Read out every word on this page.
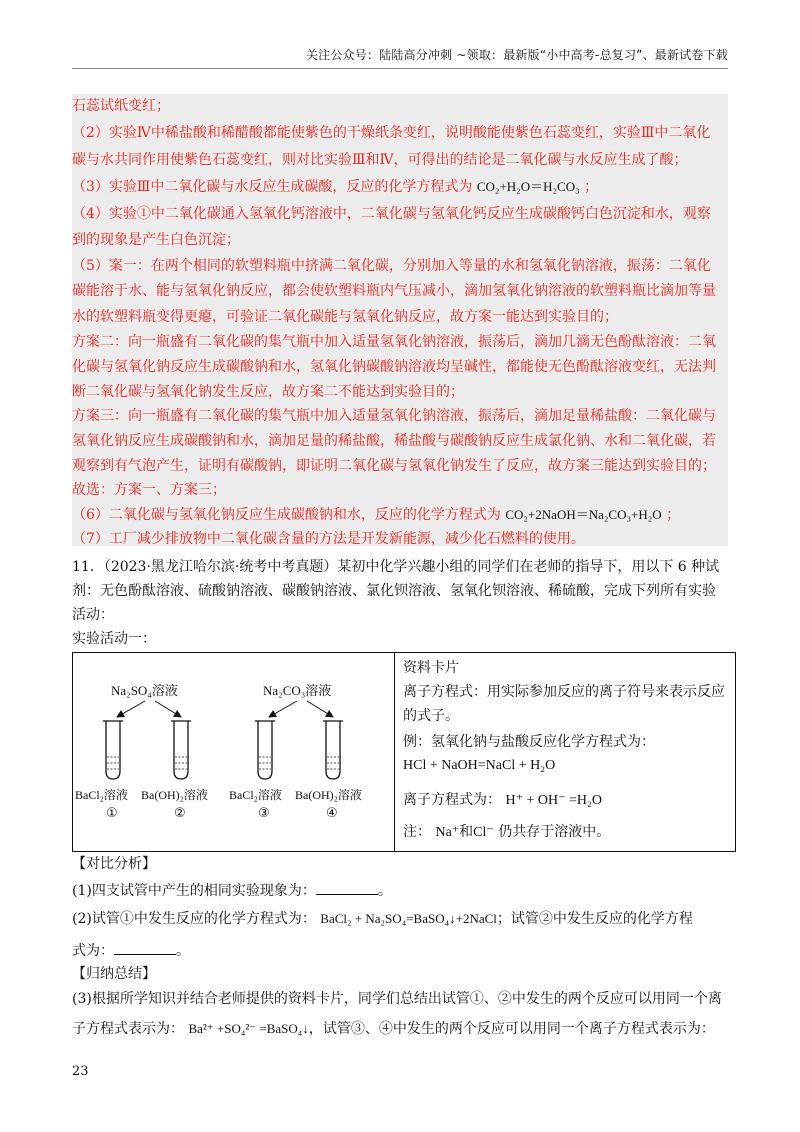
关注公众号：陆陆高分冲刺 ~领取：最新版“小中高考-总复习”、最新试卷下载
石蕊试纸变红；
（2）实验Ⅳ中稀盐酸和稀醋酸都能使紫色的干燥纸条变红，说明酸能使紫色石蕊变红，实验Ⅲ中二氧化
碳与水共同作用使紫色石蕊变红，则对比实验Ⅲ和Ⅳ，可得出的结论是二氧化碳与水反应生成了酸；
（3）实验Ⅲ中二氧化碳与水反应生成碳酸，反应的化学方程式为 CO₂+H₂O＝H₂CO₃ ；
（4）实验①中二氧化碳通入氢氧化钙溶液中，二氧化碳与氢氧化钙反应生成碳酸钙白色沉淀和水，观察
到的现象是产生白色沉淀；
（5）案一：在两个相同的软塑料瓶中挤满二氧化碳，分别加入等量的水和氢氧化钠溶液，振荡：二氧化
碳能溶于水、能与氢氧化钠反应，都会使软塑料瓶内气压减小，滴加氢氧化钠溶液的软塑料瓶比滴加等量
水的软塑料瓶变得更瘪，可验证二氧化碳能与氢氧化钠反应，故方案一能达到实验目的；
方案二：向一瓶盛有二氧化碳的集气瓶中加入适量氢氧化钠溶液，振荡后，滴加几滴无色酚酞溶液：二氧
化碳与氢氧化钠反应生成碳酸钠和水，氢氧化钠碳酸钠溶液均呈碱性，都能使无色酚酞溶液变红，无法判
断二氧化碳与氢氧化钠发生反应，故方案二不能达到实验目的；
方案三：向一瓶盛有二氧化碳的集气瓶中加入适量氢氧化钠溶液，振荡后，滴加足量稀盐酸：二氧化碳与
氢氧化钠反应生成碳酸钠和水，滴加足量的稀盐酸，稀盐酸与碳酸钠反应生成氯化钠、水和二氧化碳，若
观察到有气泡产生，证明有碳酸钠，即证明二氧化碳与氢氧化钠发生了反应，故方案三能达到实验目的；
故选：方案一、方案三；
（6）二氧化碳与氢氧化钠反应生成碳酸钠和水，反应的化学方程式为 CO₂+2NaOH＝Na₂CO₃+H₂O ；
（7）工厂减少排放物中二氧化碳含量的方法是开发新能源，减少化石燃料的使用。
11．（2023·黑龙江哈尔滨·统考中考真题）某初中化学兴趣小组的同学们在老师的指导下，用以下 6 种试
剂：无色酚酞溶液、硫酸钠溶液、碳酸钠溶液、氯化钡溶液、氢氧化钡溶液、稀硫酸，完成下列所有实验
活动：
实验活动一：
Na₂SO₄溶液	Na₂CO₃溶液
BaCl₂溶液 Ba(OH)₂溶液 BaCl₂溶液 Ba(OH)₂溶液
①	②	③	④
资料卡片
离子方程式：用实际参加反应的离子符号来表示反应
的式子。
例：氢氧化钠与盐酸反应化学方程式为：
HCl + NaOH=NaCl + H₂O
离子方程式为： H⁺ + OH⁻ =H₂O
注： Na⁺和Cl⁻ 仍共存于溶液中。
【对比分析】
(1)四支试管中产生的相同实验现象为：	。
(2)试管①中发生反应的化学方程式为： BaCl₂ + Na₂SO₄=BaSO₄↓+2NaCl；试管②中发生反应的化学方程
式为：	。
【归纳总结】
(3)根据所学知识并结合老师提供的资料卡片，同学们总结出试管①、②中发生的两个反应可以用同一个离
子方程式表示为： Ba²⁺ +SO₄²⁻ =BaSO₄↓，试管③、④中发生的两个反应可以用同一个离子方程式表示为：
23
